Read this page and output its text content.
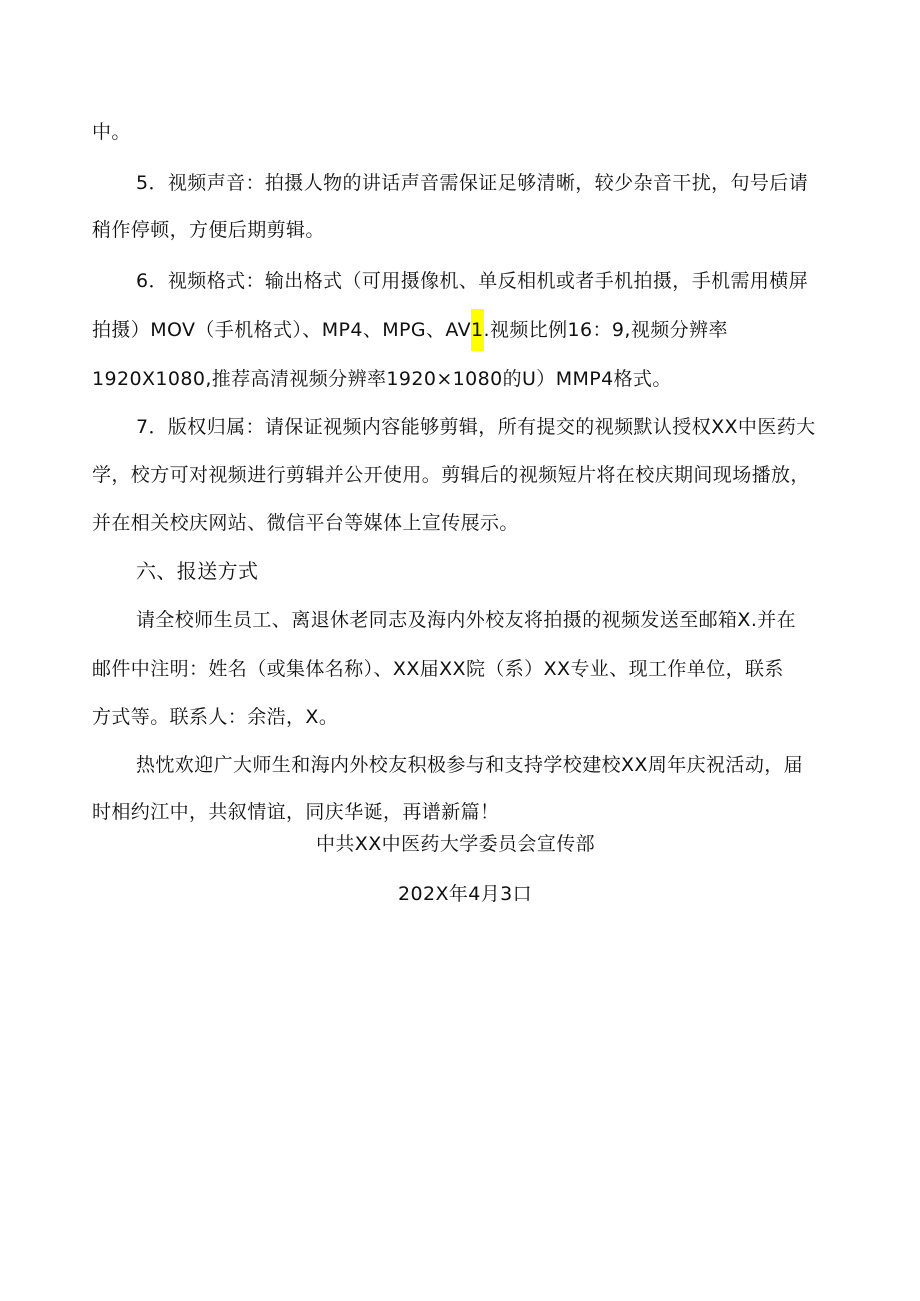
中。
5．视频声音：拍摄人物的讲话声音需保证足够清晰，较少杂音干扰，句号后请
稍作停顿，方便后期剪辑。
6．视频格式：输出格式（可用摄像机、单反相机或者手机拍摄，手机需用横屏
拍摄）MOV（手机格式）、MP4、MPG、AV1.视频比例16：9,视频分辨率
1920X1080,推荐高清视频分辨率1920×1080的U）MMP4格式。
7．版权归属：请保证视频内容能够剪辑，所有提交的视频默认授权XX中医药大
学，校方可对视频进行剪辑并公开使用。剪辑后的视频短片将在校庆期间现场播放，
并在相关校庆网站、微信平台等媒体上宣传展示。
六、报送方式
请全校师生员工、离退休老同志及海内外校友将拍摄的视频发送至邮箱X.并在
邮件中注明：姓名（或集体名称）、XX届XX院（系）XX专业、现工作单位，联系
方式等。联系人：余浩，X。
热忱欢迎广大师生和海内外校友积极参与和支持学校建校XX周年庆祝活动，届
时相约江中，共叙情谊，同庆华诞，再谱新篇！
中共XX中医药大学委员会宣传部
202X年4月3口
